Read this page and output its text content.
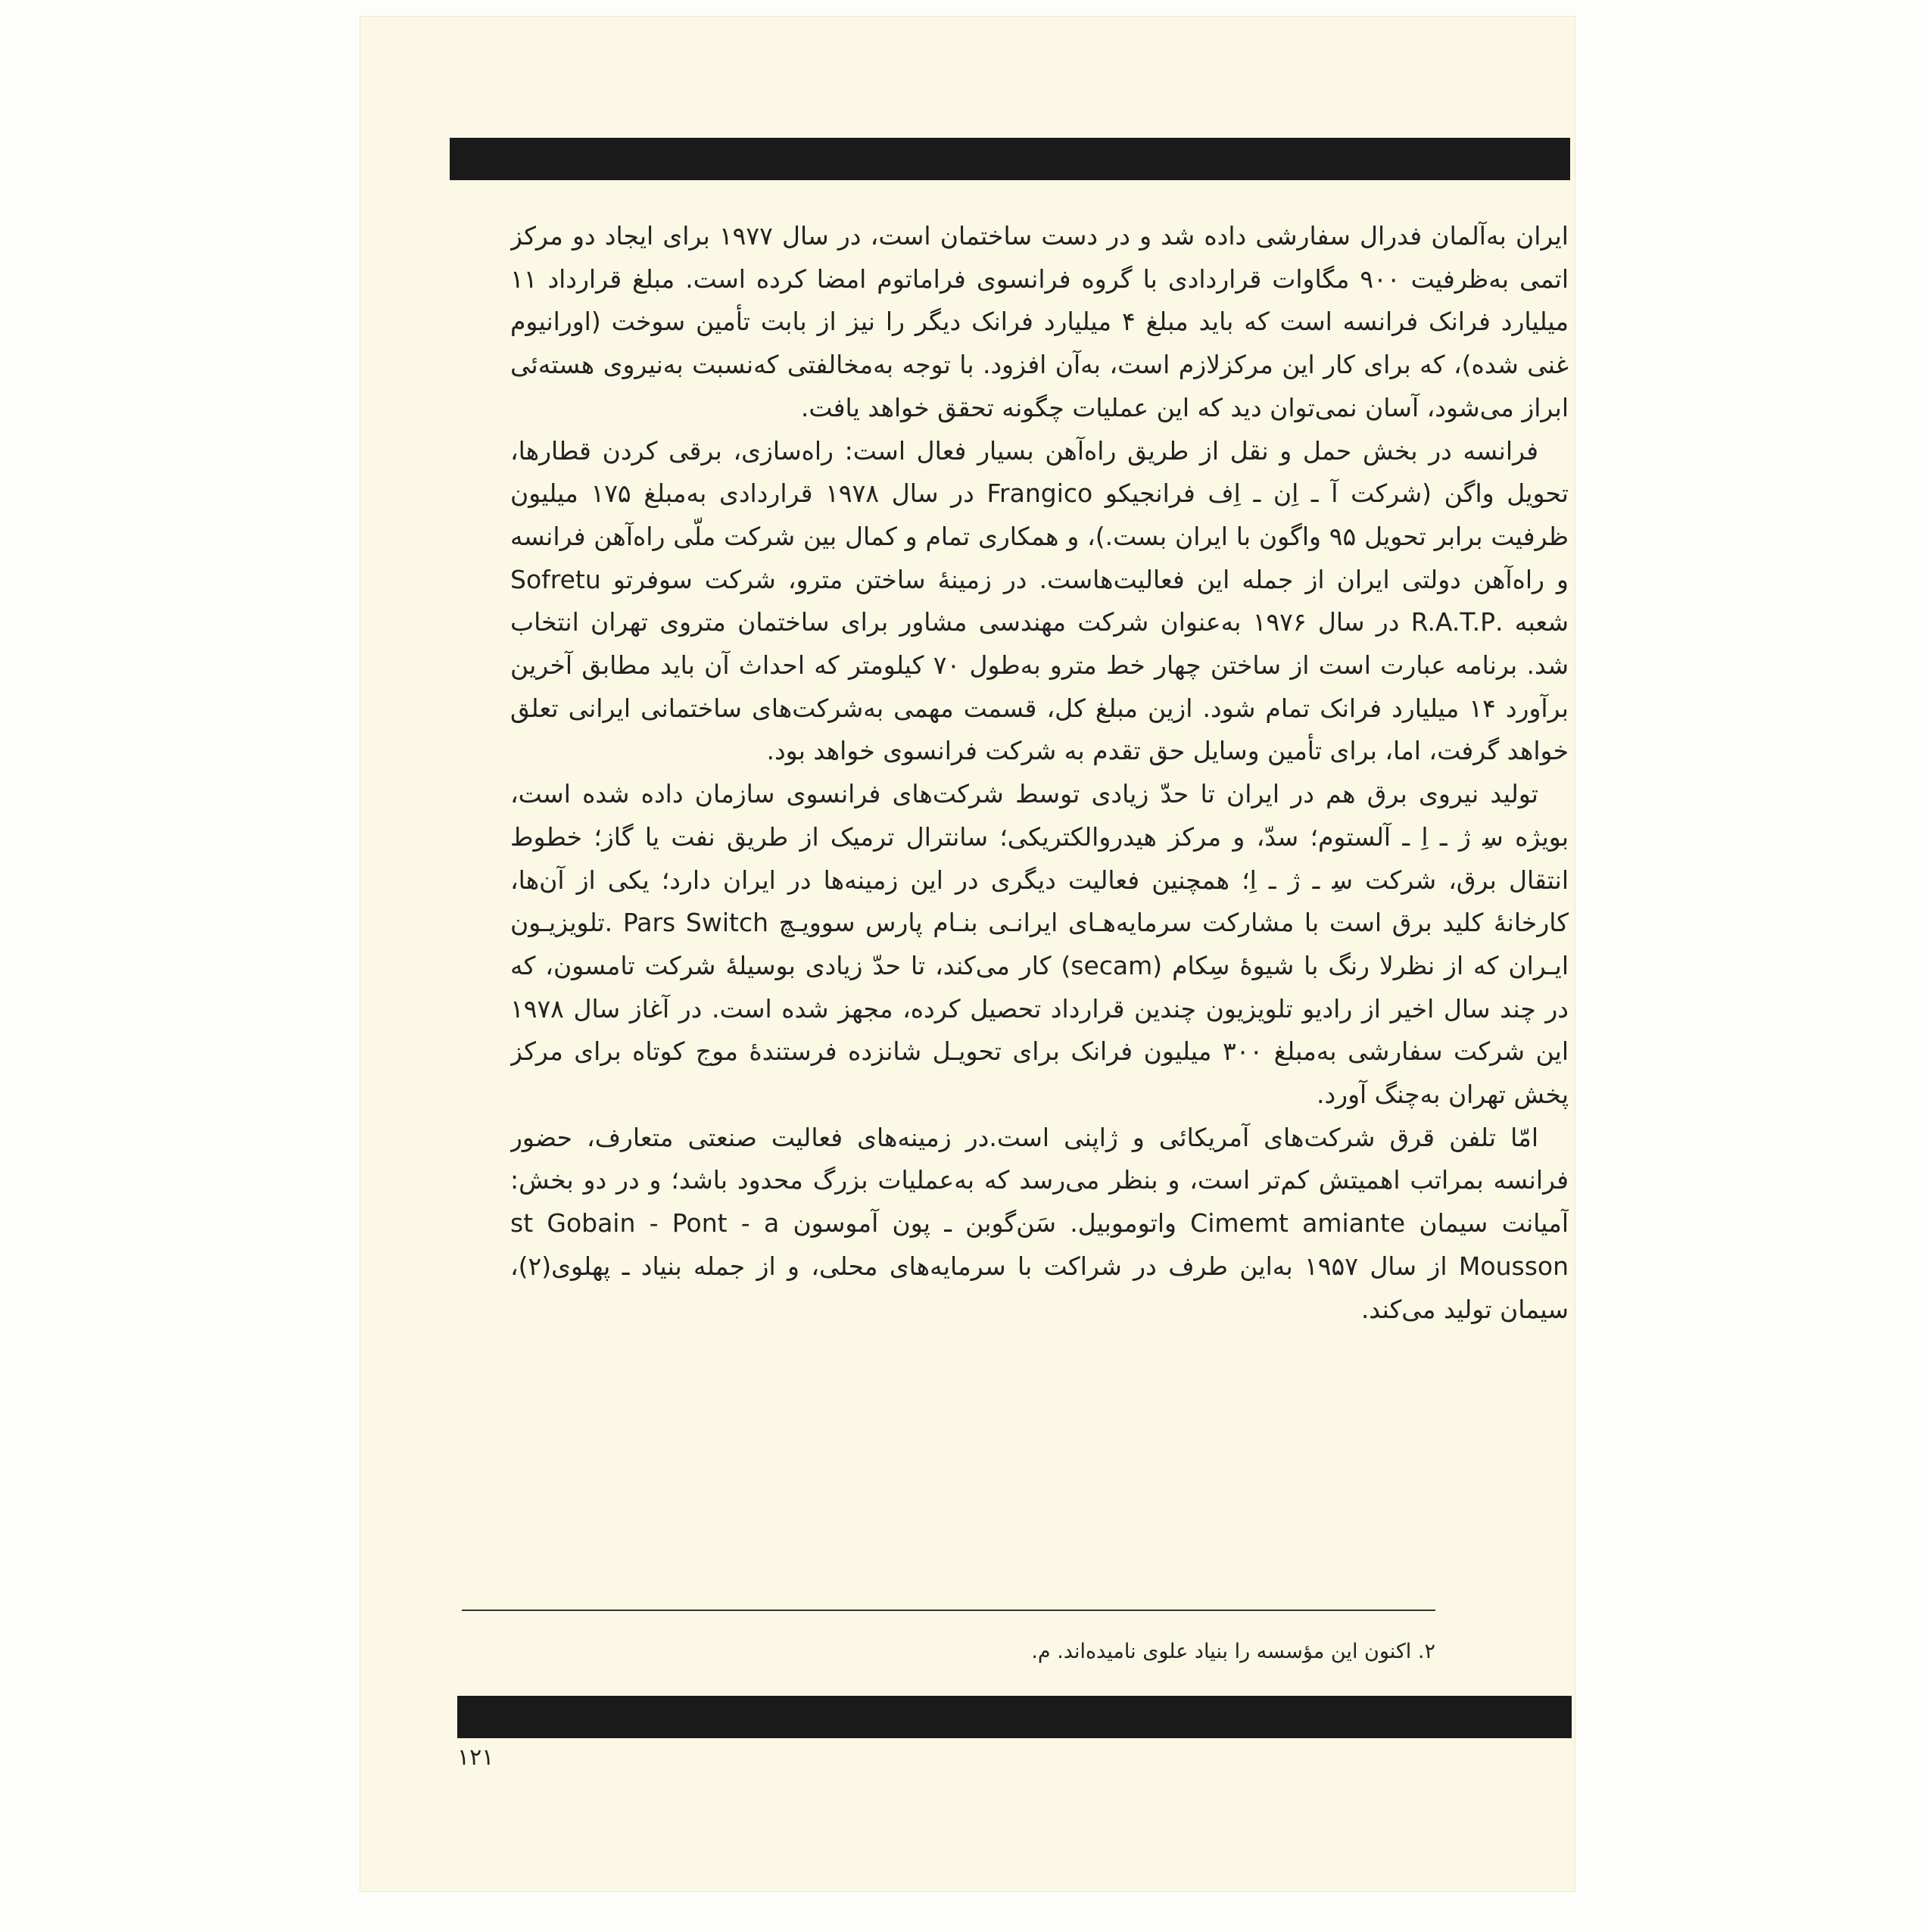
ایران به‌آلمان فدرال سفارشی داده شد و در دست ساختمان است، در سال ۱۹۷۷ برای ایجاد دو مرکز اتمی به‌ظرفیت ۹۰۰ مگاوات قراردادی با گروه فرانسوی فراماتوم امضا کرده است. مبلغ قرارداد ۱۱ میلیارد فرانک فرانسه است که باید مبلغ ۴ میلیارد فرانک دیگر را نیز از بابت تأمین سوخت (اورانیوم غنی شده)، که برای کار این مرکزلازم است، به‌آن افزود. با توجه به‌مخالفتی که‌نسبت به‌نیروی هسته‌ئی ابراز می‌شود، آسان نمی‌توان دید که این عملیات چگونه تحقق خواهد یافت.

فرانسه در بخش حمل و نقل از طریق راه‌آهن بسیار فعال است: راه‌سازی، برقی کردن قطارها، تحویل واگن (شرکت آ ـ اِن ـ اِف فرانجیکو Frangico در سال ۱۹۷۸ قراردادی به‌مبلغ ۱۷۵ میلیون ظرفیت برابر تحویل ۹۵ واگون با ایران بست.)، و همکاری تمام و کمال بین شرکت ملّی راه‌آهن فرانسه و راه‌آهن دولتی ایران از جمله این فعالیت‌هاست. در زمینهٔ ساختن مترو، شرکت سوفرتو Sofretu شعبه .R.A.T.P در سال ۱۹۷۶ به‌عنوان شرکت مهندسی مشاور برای ساختمان متروی تهران انتخاب شد. برنامه عبارت است از ساختن چهار خط مترو به‌طول ۷۰ کیلومتر که احداث آن باید مطابق آخرین برآورد ۱۴ میلیارد فرانک تمام شود. ازین مبلغ کل، قسمت مهمی به‌شرکت‌های ساختمانی ایرانی تعلق خواهد گرفت، اما، برای تأمین وسایل حق تقدم به شرکت فرانسوی خواهد بود.

تولید نیروی برق هم در ایران تا حدّ زیادی توسط شرکت‌های فرانسوی سازمان داده شده است، بویژه س‍ِ ژ ـ اِ ـ آلستوم؛ سدّ، و مرکز هیدروالکتریکی؛ سانترال ترمیک از طریق نفت یا گاز؛ خطوط انتقال برق، شرکت س‍ِ ـ ژ ـ اِ؛ همچنین فعالیت دیگری در این زمینه‌ها در ایران دارد؛ یکی از آن‌ها، کارخانهٔ کلید برق است با مشارکت سرمایه‌هـای ایرانـی بنـام پارس سوویـچ Pars Switch .تلویزیـون ایـران که از نظرلا رنگ با شیوهٔ سِکام (secam) کار می‌کند، تا حدّ زیادی بوسیلهٔ شرکت تامسون، که در چند سال اخیر از رادیو تلویزیون چندین قرارداد تحصیل کرده، مجهز شده است. در آغاز سال ۱۹۷۸ این شرکت سفارشی به‌مبلغ ۳۰۰ میلیون فرانک برای تحویـل شانزده فرستندهٔ موج کوتاه برای مرکز پخش تهران به‌چنگ آورد.

امّا تلفن قرق شرکت‌های آمریکائی و ژاپنی است.در زمینه‌های فعالیت صنعتی متعارف، حضور فرانسه بمراتب اهمیتش کم‌تر است، و بنظر می‌رسد که به‌عملیات بزرگ محدود باشد؛ و در دو بخش: آمیانت سیمان Cimemt amiante واتوموبیل. سَن‌گوبن ـ پون آموسون st Gobain - Pont - a Mousson از سال ۱۹۵۷ به‌این طرف در شراکت با سرمایه‌های محلی، و از جمله بنیاد ـ پهلوی(۲)، سیمان تولید می‌کند.

۲. اکنون این مؤسسه را بنیاد علوی نامیده‌اند. م.
۱۲۱
